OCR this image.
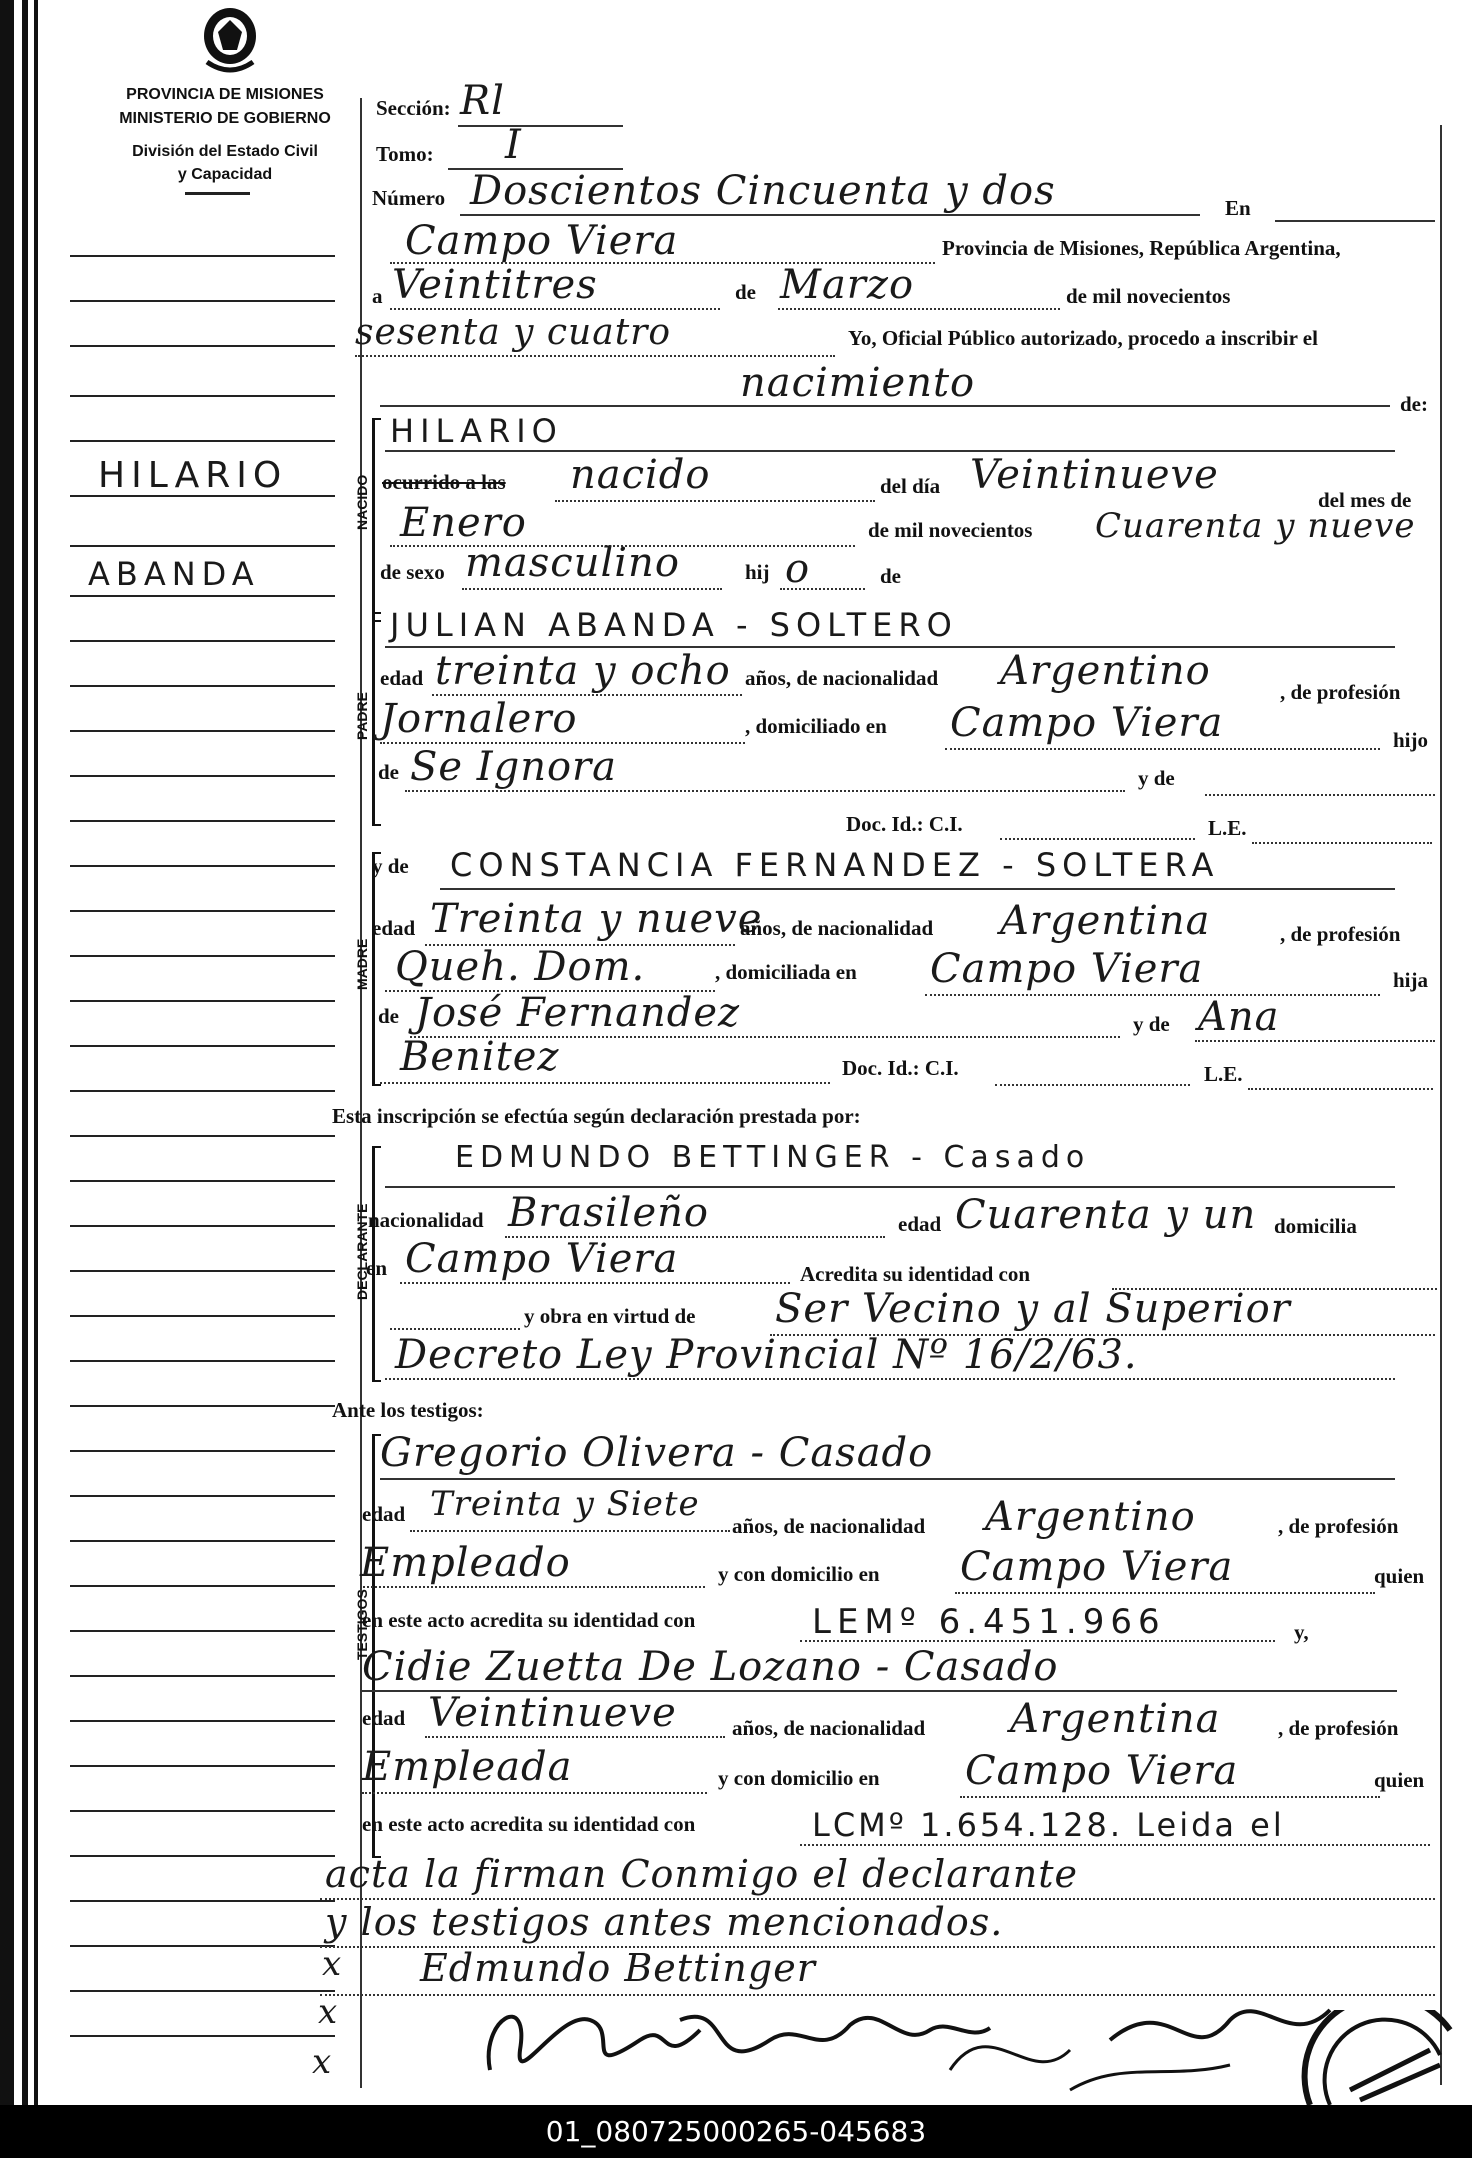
PROVINCIA DE MISIONES
MINISTERIO DE GOBIERNO
División del Estado Civil
y Capacidad
HILARIO
ABANDA
Sección: Rl
Tomo: I
Número Doscientos Cincuenta y dos	En
Campo Viera	Provincia de Misiones, República Argentina,
a Veintitres	de Marzo	de mil novecientos
sesenta y cuatro	Yo, Oficial Público autorizado, procedo a inscribir el
nacimiento	de:
NACIDO
HILARIO
ocurrido a las nacido	del día Veintinueve
del mes de
Enero	de mil novecientos Cuarenta y nueve
de sexo masculino	hij o	de
PADRE
JULIAN ABANDA - SOLTERO
edad treinta y ocho años, de nacionalidad Argentino	, de profesión
Jornalero	, domiciliado en Campo Viera	hijo
de Se Ignora	y de
Doc. Id.: C.I.	L.E.
MADRE
y de CONSTANCIA FERNANDEZ - SOLTERA
edad Treinta y nueve
años, de nacionalidad Argentina	, de profesión
Queh. Dom.	, domiciliada en Campo Viera	hija
de José Fernandez	y de Ana
Benitez	Doc. Id.: C.I.	L.E.
Esta inscripción se efectúa según declaración prestada por:
DECLARANTE
EDMUNDO BETTINGER - Casado
nacionalidad Brasileño	edad Cuarenta y un domicilia
en Campo Viera	Acredita su identidad con
y obra en virtud de Ser Vecino y al Superior
Decreto Ley Provincial Nº 16/2/63.
Ante los testigos:
TESTIGOS
Gregorio Olivera - Casado
edad Treinta y Siete
años, de nacionalidad Argentino	, de profesión
Empleado	y con domicilio en Campo Viera	quien
en este acto acredita su identidad con	LEMº 6.451.966	y,
Cidie Zuetta De Lozano - Casado
edad Veintinueve	años, de nacionalidad Argentina	, de profesión
Empleada	y con domicilio en Campo Viera	quien
en este acto acredita su identidad con	LCMº 1.654.128. Leida el
acta la firman Conmigo el declarante
y los testigos antes mencionados.
x Edmundo Bettinger
x
x
01_080725000265-045683
